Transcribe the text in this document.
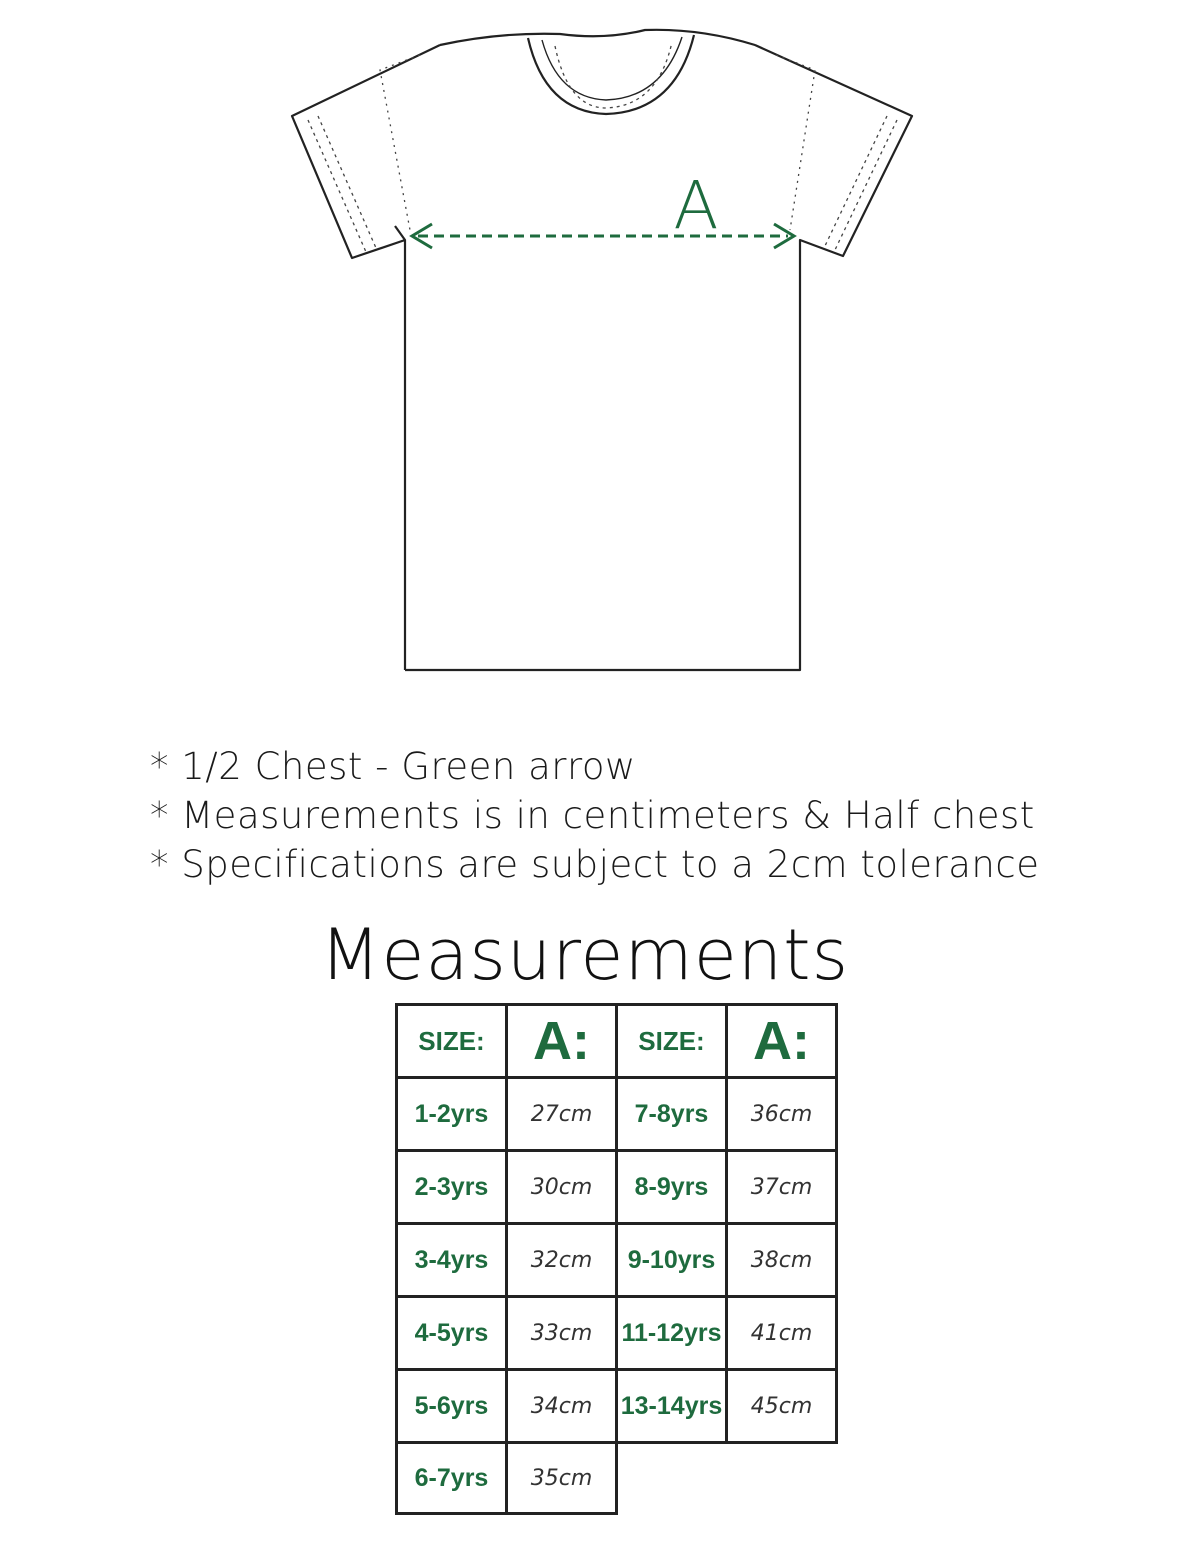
A
* 1/2 Chest - Green arrow
* Measurements is in centimeters & Half chest
* Specifications are subject to a 2cm tolerance
Measurements
SIZE: A: SIZE: A:
1-2yrs 27cm
2-3yrs 30cm
3-4yrs 32cm
4-5yrs 33cm
5-6yrs 34cm
6-7yrs 35cm
7-8yrs 36cm
8-9yrs 37cm
9-10yrs 38cm
11-12yrs 41cm
13-14yrs 45cm
